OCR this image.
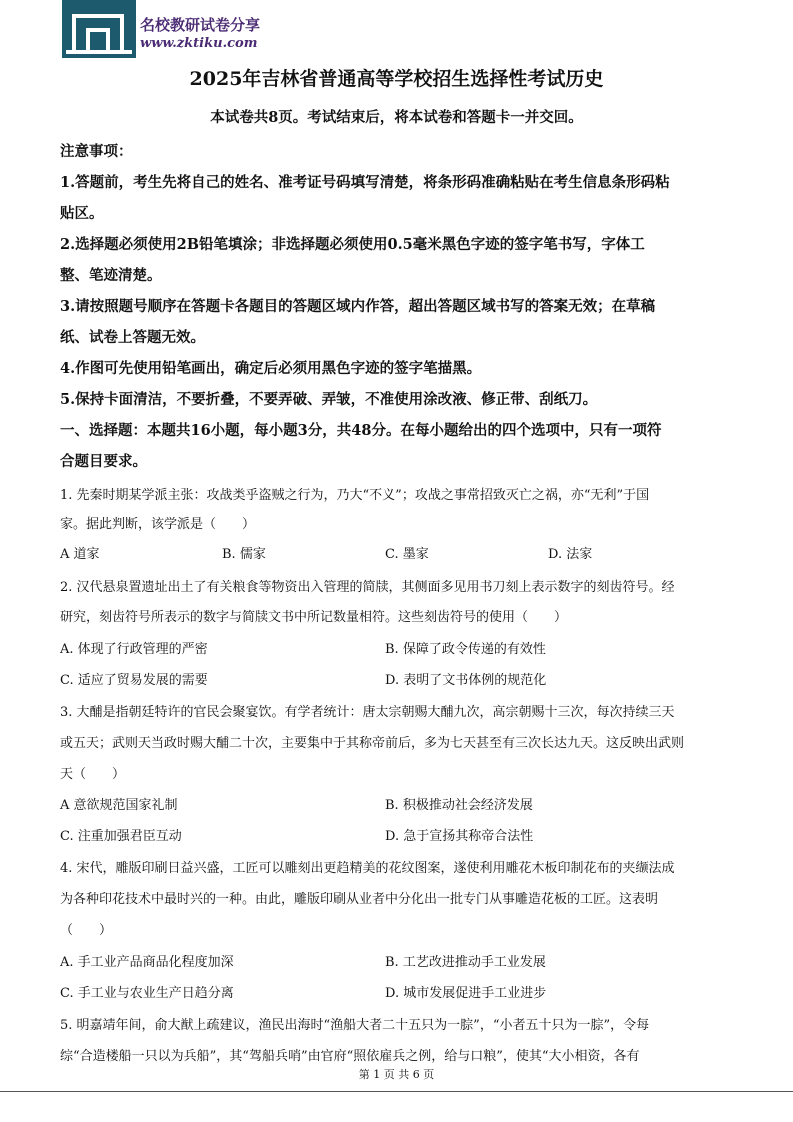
名校教研试卷分享
www.zktiku.com
2025年吉林省普通高等学校招生选择性考试历史
本试卷共8页。考试结束后，将本试卷和答题卡一并交回。
注意事项：
1.答题前，考生先将自己的姓名、准考证号码填写清楚，将条形码准确粘贴在考生信息条形码粘
贴区。
2.选择题必须使用2B铅笔填涂；非选择题必须使用0.5毫米黑色字迹的签字笔书写，字体工
整、笔迹清楚。
3.请按照题号顺序在答题卡各题目的答题区域内作答，超出答题区域书写的答案无效；在草稿
纸、试卷上答题无效。
4.作图可先使用铅笔画出，确定后必须用黑色字迹的签字笔描黑。
5.保持卡面清洁，不要折叠，不要弄破、弄皱，不准使用涂改液、修正带、刮纸刀。
一、选择题：本题共16小题，每小题3分，共48分。在每小题给出的四个选项中，只有一项符
合题目要求。
1. 先秦时期某学派主张：攻战类乎盗贼之行为，乃大“不义”；攻战之事常招致灭亡之祸，亦“无利”于国
家。据此判断，该学派是（　　）
A 道家	B. 儒家	C. 墨家	D. 法家
2. 汉代悬泉置遗址出土了有关粮食等物资出入管理的简牍，其侧面多见用书刀刻上表示数字的刻齿符号。经
研究，刻齿符号所表示的数字与简牍文书中所记数量相符。这些刻齿符号的使用（　　）
A. 体现了行政管理的严密	B. 保障了政令传递的有效性
C. 适应了贸易发展的需要	D. 表明了文书体例的规范化
3. 大酺是指朝廷特许的官民会聚宴饮。有学者统计：唐太宗朝赐大酺九次，高宗朝赐十三次，每次持续三天
或五天；武则天当政时赐大酺二十次，主要集中于其称帝前后，多为七天甚至有三次长达九天。这反映出武则
天（　　）
A 意欲规范国家礼制	B. 积极推动社会经济发展
C. 注重加强君臣互动	D. 急于宣扬其称帝合法性
4. 宋代，雕版印刷日益兴盛，工匠可以雕刻出更趋精美的花纹图案，遂使利用雕花木板印制花布的夹缬法成
为各种印花技术中最时兴的一种。由此，雕版印刷从业者中分化出一批专门从事雕造花板的工匠。这表明
（　　）
A. 手工业产品商品化程度加深	B. 工艺改进推动手工业发展
C. 手工业与农业生产日趋分离	D. 城市发展促进手工业进步
5. 明嘉靖年间，俞大猷上疏建议，渔民出海时“渔船大者二十五只为一腙”，“小者五十只为一腙”，令每
综“合造楼船一只以为兵船”，其“驾船兵哨”由官府“照依雇兵之例，给与口粮”，使其“大小相资，各有
第 1 页 共 6 页
